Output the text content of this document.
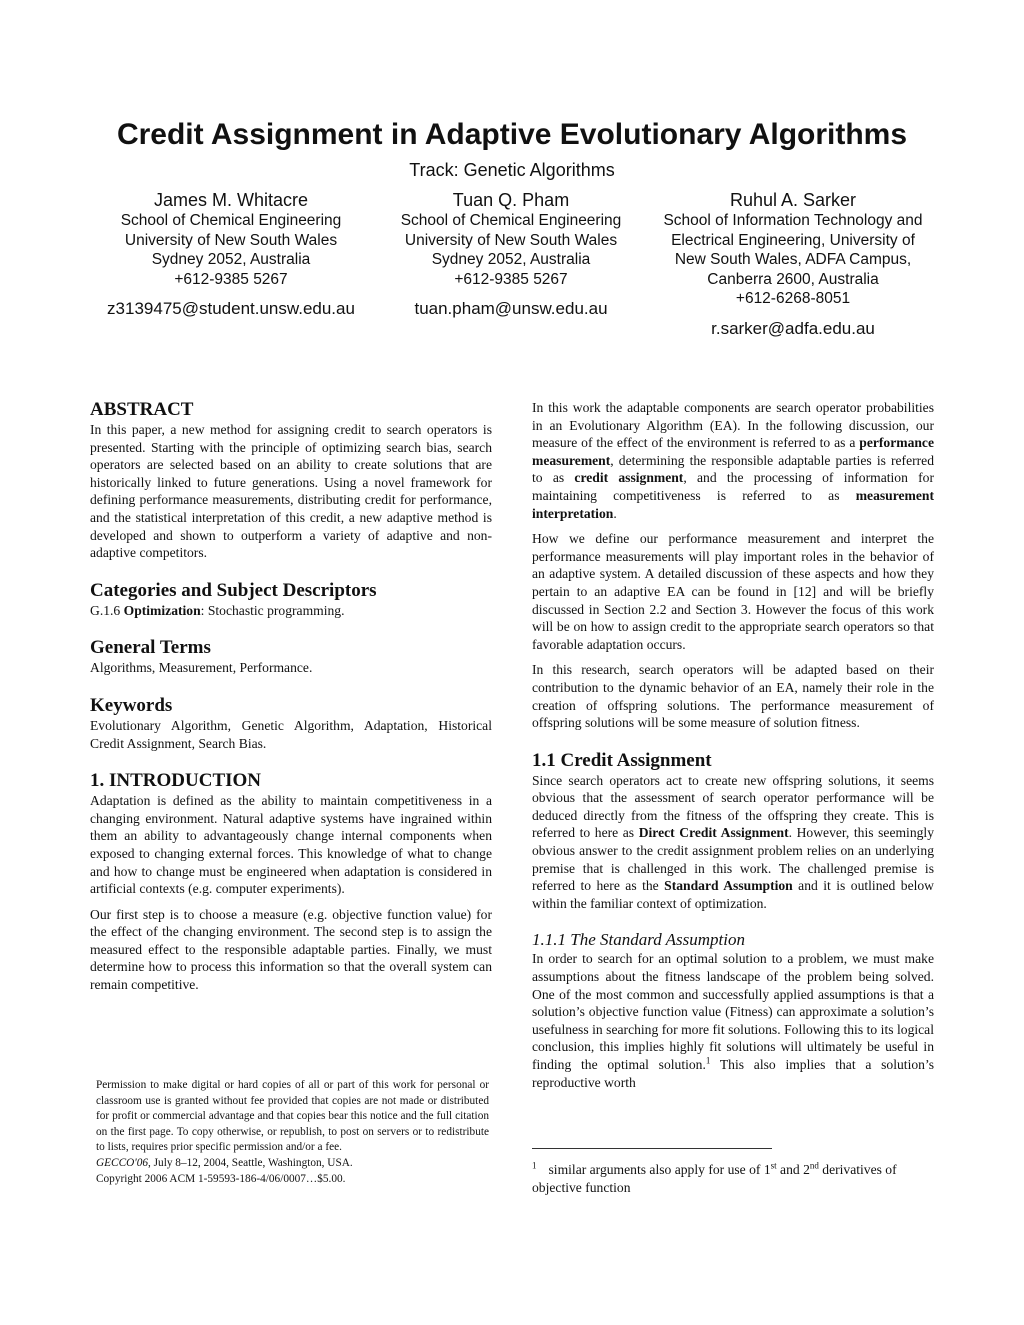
Credit Assignment in Adaptive Evolutionary Algorithms
Track: Genetic Algorithms
James M. Whitacre
School of Chemical Engineering
University of New South Wales
Sydney 2052, Australia
+612-9385 5267
z3139475@student.unsw.edu.au
Tuan Q. Pham
School of Chemical Engineering
University of New South Wales
Sydney 2052, Australia
+612-9385 5267
tuan.pham@unsw.edu.au
Ruhul A. Sarker
School of Information Technology and
Electrical Engineering, University of
New South Wales, ADFA Campus,
Canberra 2600, Australia
+612-6268-8051
r.sarker@adfa.edu.au
ABSTRACT

In this paper, a new method for assigning credit to search operators is presented. Starting with the principle of optimizing search bias, search operators are selected based on an ability to create solutions that are historically linked to future generations. Using a novel framework for defining performance measurements, distributing credit for performance, and the statistical interpretation of this credit, a new adaptive method is developed and shown to outperform a variety of adaptive and non-adaptive competitors.

Categories and Subject Descriptors

G.1.6 Optimization: Stochastic programming.

General Terms

Algorithms, Measurement, Performance.

Keywords

Evolutionary Algorithm, Genetic Algorithm, Adaptation, Historical Credit Assignment, Search Bias.

1. INTRODUCTION

Adaptation is defined as the ability to maintain competitiveness in a changing environment. Natural adaptive systems have ingrained within them an ability to advantageously change internal components when exposed to changing external forces. This knowledge of what to change and how to change must be engineered when adaptation is considered in artificial contexts (e.g. computer experiments).

Our first step is to choose a measure (e.g. objective function value) for the effect of the changing environment. The second step is to assign the measured effect to the responsible adaptable parties. Finally, we must determine how to process this information so that the overall system can remain competitive.

Permission to make digital or hard copies of all or part of this work for personal or classroom use is granted without fee provided that copies are not made or distributed for profit or commercial advantage and that copies bear this notice and the full citation on the first page. To copy otherwise, or republish, to post on servers or to redistribute to lists, requires prior specific permission and/or a fee.
GECCO'06, July 8–12, 2004, Seattle, Washington, USA.
Copyright 2006 ACM 1-59593-186-4/06/0007…$5.00.

In this work the adaptable components are search operator probabilities in an Evolutionary Algorithm (EA). In the following discussion, our measure of the effect of the environment is referred to as a performance measurement, determining the responsible adaptable parties is referred to as credit assignment, and the processing of information for maintaining competitiveness is referred to as measurement interpretation.

How we define our performance measurement and interpret the performance measurements will play important roles in the behavior of an adaptive system. A detailed discussion of these aspects and how they pertain to an adaptive EA can be found in [12] and will be briefly discussed in Section 2.2 and Section 3. However the focus of this work will be on how to assign credit to the appropriate search operators so that favorable adaptation occurs.

In this research, search operators will be adapted based on their contribution to the dynamic behavior of an EA, namely their role in the creation of offspring solutions. The performance measurement of offspring solutions will be some measure of solution fitness.

1.1 Credit Assignment

Since search operators act to create new offspring solutions, it seems obvious that the assessment of search operator performance will be deduced directly from the fitness of the offspring they create. This is referred to here as Direct Credit Assignment. However, this seemingly obvious answer to the credit assignment problem relies on an underlying premise that is challenged in this work. The challenged premise is referred to here as the Standard Assumption and it is outlined below within the familiar context of optimization.

1.1.1 The Standard Assumption

In order to search for an optimal solution to a problem, we must make assumptions about the fitness landscape of the problem being solved. One of the most common and successfully applied assumptions is that a solution’s objective function value (Fitness) can approximate a solution’s usefulness in searching for more fit solutions. Following this to its logical conclusion, this implies highly fit solutions will ultimately be useful in finding the optimal solution.$^1$ This also implies that a solution’s reproductive worth

$^1$ similar arguments also apply for use of 1st and 2nd derivatives of objective function
